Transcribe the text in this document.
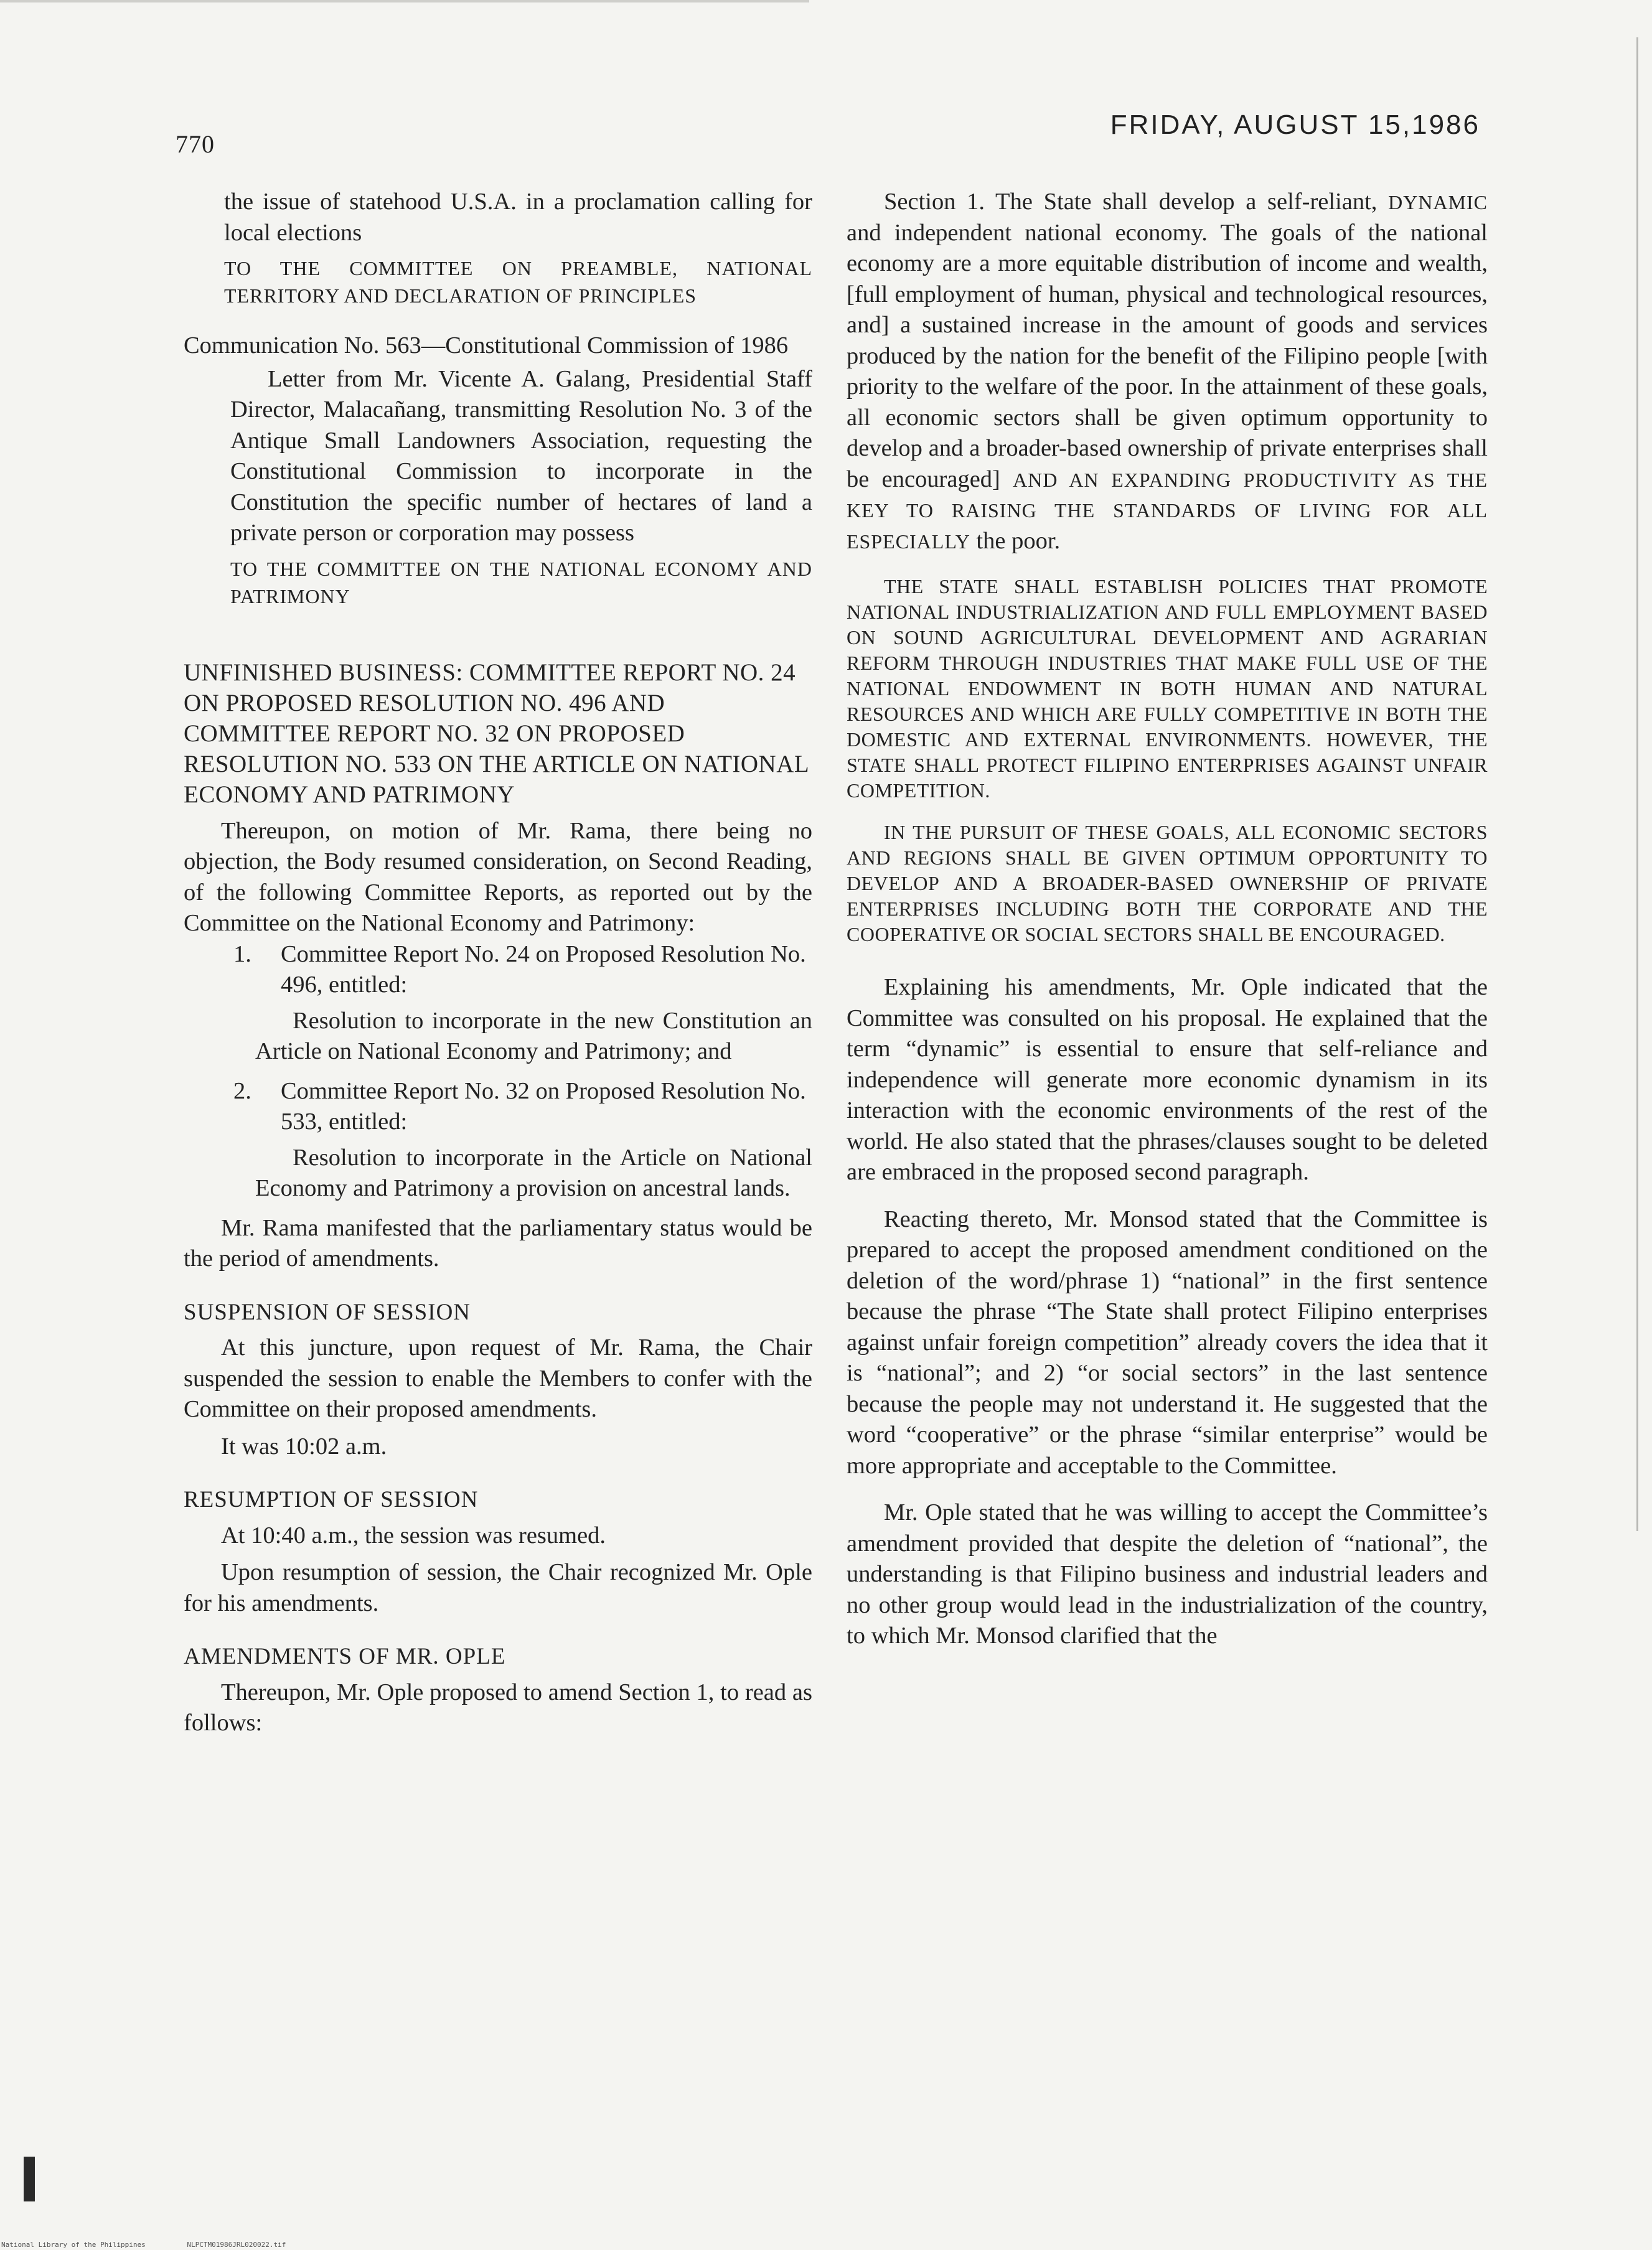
770
FRIDAY, AUGUST 15,1986

the issue of statehood U.S.A. in a proclamation calling for local elections

TO THE COMMITTEE ON PREAMBLE, NATIONAL TERRITORY AND DECLARATION OF PRINCIPLES

Communication No. 563—Constitutional Commission of 1986

Letter from Mr. Vicente A. Galang, Presidential Staff Director, Malacañang, transmitting Resolution No. 3 of the Antique Small Landowners Association, requesting the Constitutional Commission to incorporate in the Constitution the specific number of hectares of land a private person or corporation may possess

TO THE COMMITTEE ON THE NATIONAL ECONOMY AND PATRIMONY

UNFINISHED BUSINESS: COMMITTEE REPORT NO. 24 ON PROPOSED RESOLUTION NO. 496 AND COMMITTEE REPORT NO. 32 ON PROPOSED RESOLUTION NO. 533 ON THE ARTICLE ON NATIONAL ECONOMY AND PATRIMONY

Thereupon, on motion of Mr. Rama, there being no objection, the Body resumed consideration, on Second Reading, of the following Committee Reports, as reported out by the Committee on the National Economy and Patrimony:

1.	Committee Report No. 24 on Proposed Resolution No. 496, entitled:

Resolution to incorporate in the new Constitution an Article on National Economy and Patrimony; and

2.	Committee Report No. 32 on Proposed Resolution No. 533, entitled:

Resolution to incorporate in the Article on National Economy and Patrimony a provision on ancestral lands.

Mr. Rama manifested that the parliamentary status would be the period of amendments.

SUSPENSION OF SESSION

At this juncture, upon request of Mr. Rama, the Chair suspended the session to enable the Members to confer with the Committee on their proposed amendments.

It was 10:02 a.m.

RESUMPTION OF SESSION

At 10:40 a.m., the session was resumed.

Upon resumption of session, the Chair recognized Mr. Ople for his amendments.

AMENDMENTS OF MR. OPLE

Thereupon, Mr. Ople proposed to amend Section 1, to read as follows:

Section 1. The State shall develop a self-reliant, DYNAMIC and independent national economy. The goals of the national economy are a more equitable distribution of income and wealth, [full employment of human, physical and technological resources, and] a sustained increase in the amount of goods and services produced by the nation for the benefit of the Filipino people [with priority to the welfare of the poor. In the attainment of these goals, all economic sectors shall be given optimum opportunity to develop and a broader-based ownership of private enterprises shall be encouraged] AND AN EXPANDING PRODUCTIVITY AS THE KEY TO RAISING THE STANDARDS OF LIVING FOR ALL ESPECIALLY the poor.

THE STATE SHALL ESTABLISH POLICIES THAT PROMOTE NATIONAL INDUSTRIALIZATION AND FULL EMPLOYMENT BASED ON SOUND AGRICULTURAL DEVELOPMENT AND AGRARIAN REFORM THROUGH INDUSTRIES THAT MAKE FULL USE OF THE NATIONAL ENDOWMENT IN BOTH HUMAN AND NATURAL RESOURCES AND WHICH ARE FULLY COMPETITIVE IN BOTH THE DOMESTIC AND EXTERNAL ENVIRONMENTS. HOWEVER, THE STATE SHALL PROTECT FILIPINO ENTERPRISES AGAINST UNFAIR COMPETITION.

IN THE PURSUIT OF THESE GOALS, ALL ECONOMIC SECTORS AND REGIONS SHALL BE GIVEN OPTIMUM OPPORTUNITY TO DEVELOP AND A BROADER-BASED OWNERSHIP OF PRIVATE ENTERPRISES INCLUDING BOTH THE CORPORATE AND THE COOPERATIVE OR SOCIAL SECTORS SHALL BE ENCOURAGED.

Explaining his amendments, Mr. Ople indicated that the Committee was consulted on his proposal. He explained that the term “dynamic” is essential to ensure that self-reliance and independence will generate more economic dynamism in its interaction with the economic environments of the rest of the world. He also stated that the phrases/clauses sought to be deleted are embraced in the proposed second paragraph.

Reacting thereto, Mr. Monsod stated that the Committee is prepared to accept the proposed amendment conditioned on the deletion of the word/phrase 1) “national” in the first sentence because the phrase “The State shall protect Filipino enterprises against unfair foreign competition” already covers the idea that it is “national”; and 2) “or social sectors” in the last sentence because the people may not understand it. He suggested that the word “cooperative” or the phrase “similar enterprise” would be more appropriate and acceptable to the Committee.

Mr. Ople stated that he was willing to accept the Committee’s amendment provided that despite the deletion of “national”, the understanding is that Filipino business and industrial leaders and no other group would lead in the industrialization of the country, to which Mr. Monsod clarified that the

National Library of the Philippines	NLPCTM01986JRL020022.tif
